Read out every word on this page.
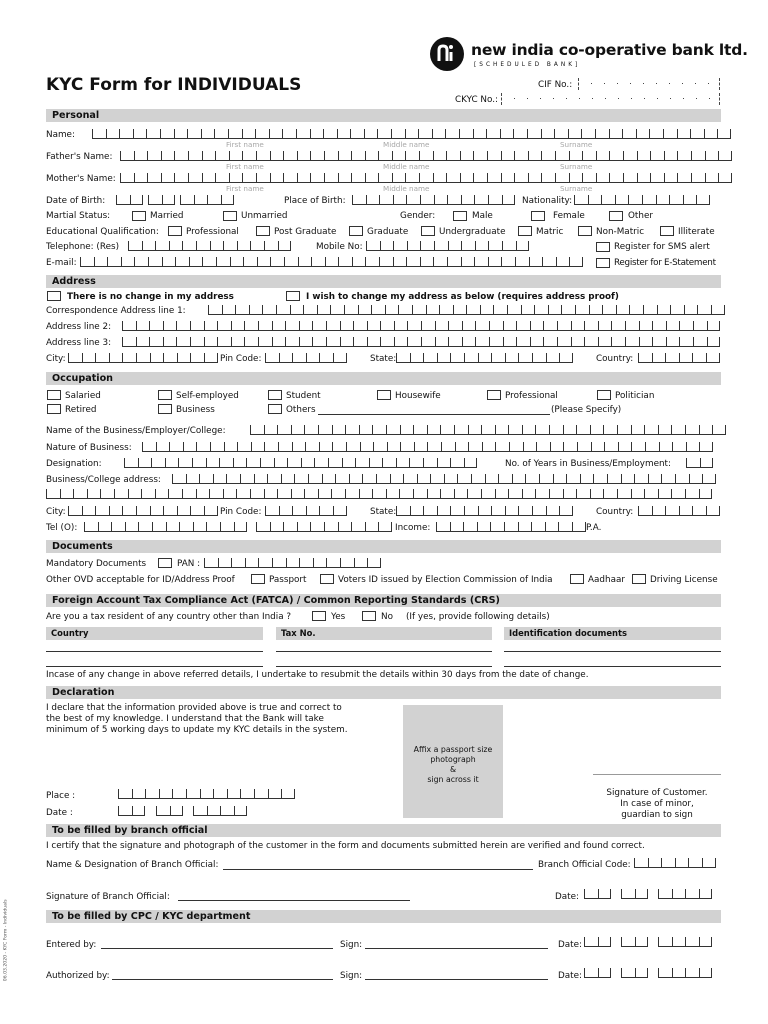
new india co-operative bank ltd.
[SCHEDULED BANK]
KYC Form for INDIVIDUALS	CIF No.:
CKYC No.:
Personal
Name:
First name	Middle name	Surname
Father's Name:
First name	Middle name	Surname
Mother's Name:
First name	Middle name	Surname
Date of Birth:	Place of Birth:	Nationality:
Martial Status:	Married	Unmarried	Gender:	Male	Female	Other
Educational Qualification:	Professional	Post Graduate	Graduate	Undergraduate	Matric	Non-Matric	Illiterate
Telephone: (Res)	Mobile No:	Register for SMS alert
E-mail:	Register for E-Statement
Address
There is no change in my address	I wish to change my address as below (requires address proof)
Correspondence Address line 1:
Address line 2:
Address line 3:
City:	Pin Code:	State:	Country:
Occupation
Salaried	Self-employed	Student	Housewife	Professional	Politician
Retired	Business	Others	(Please Specify)
Name of the Business/Employer/College:
Nature of Business:
Designation:	No. of Years in Business/Employment:
Business/College address:
City:	Pin Code:	State:	Country:
Tel (O):	Income:	P.A.
Documents
Mandatory Documents	PAN :
Other OVD acceptable for ID/Address Proof	Passport	Voters ID issued by Election Commission of India	Aadhaar	Driving License
Foreign Account Tax Compliance Act (FATCA) / Common Reporting Standards (CRS)
Are you a tax resident of any country other than India ?	Yes	No (If yes, provide following details)
Country	Tax No.	Identification documents
Incase of any change in above referred details, I undertake to resubmit the details within 30 days from the date of change.
Declaration
I declare that the information provided above is true and correct to
the best of my knowledge. I understand that the Bank will take
minimum of 5 working days to update my KYC details in the system.
Affix a passport size
photograph
&
sign across it
Place :
Date :
Signature of Customer.
In case of minor,
guardian to sign
To be filled by branch official
I certify that the signature and photograph of the customer in the form and documents submitted herein are verified and found correct.
Name & Designation of Branch Official:	Branch Official Code:
Signature of Branch Official:	Date:
To be filled by CPC / KYC department
Entered by:	Sign:	Date:
Authorized by:	Sign:	Date:
06.03.2020 - KYC Form - Individuals
